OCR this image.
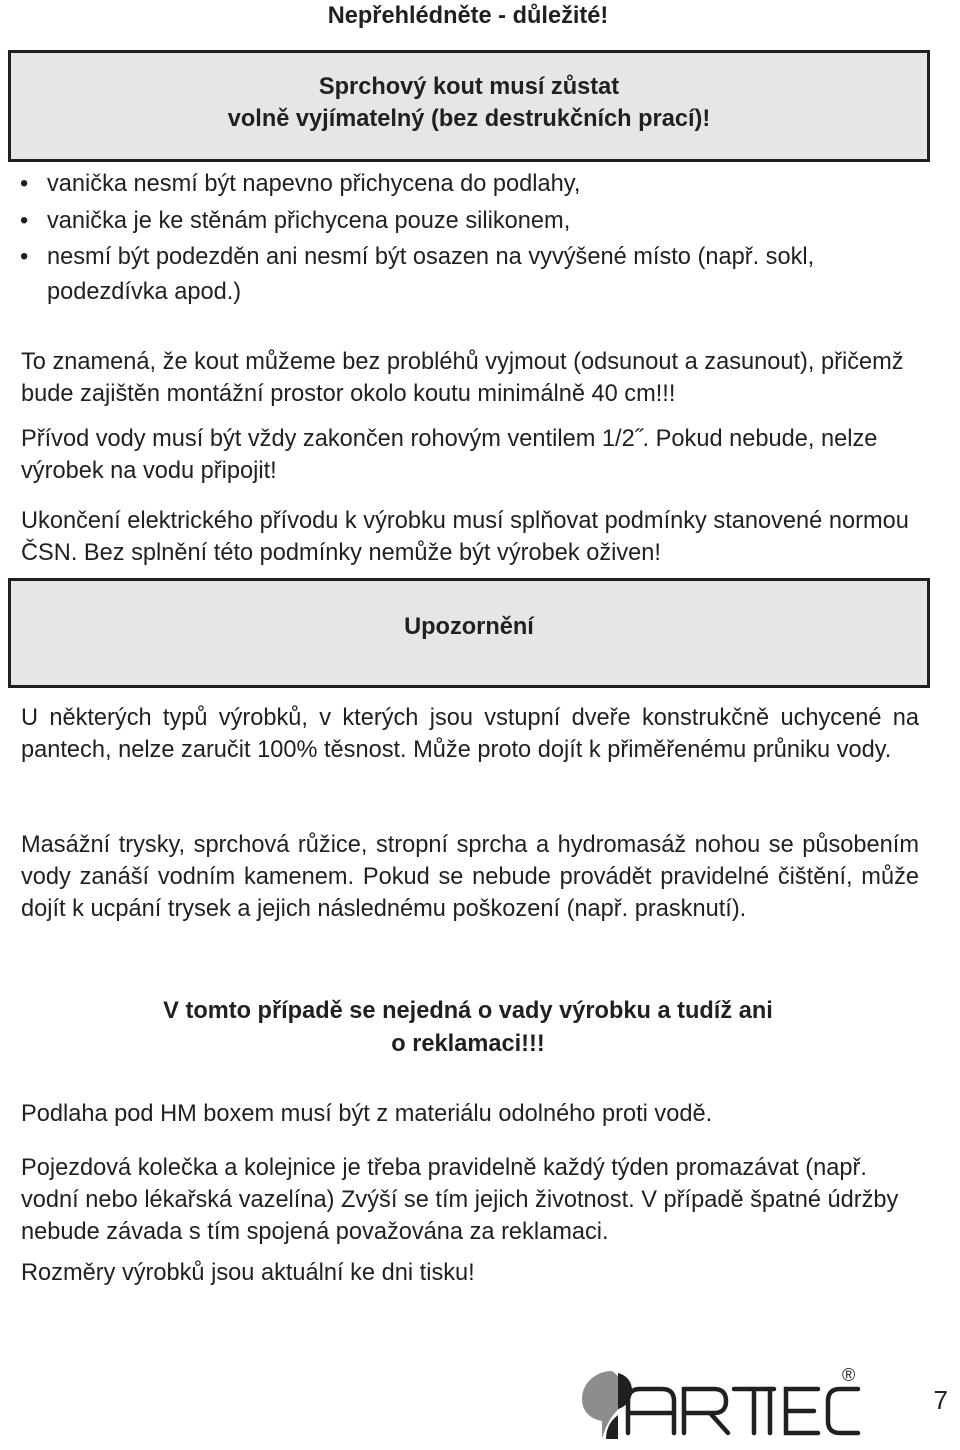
Nepřehlédněte - důležité!
Sprchový kout musí zůstat
volně vyjímatelný (bez destrukčních prací)!
• vanička nesmí být napevno přichycena do podlahy,
• vanička je ke stěnám přichycena pouze silikonem,
• nesmí být podezděn ani nesmí být osazen na vyvýšené místo (např. sokl, podezdívka apod.)

To znamená, že kout můžeme bez probléhů vyjmout (odsunout a zasunout), přičemž bude zajištěn montážní prostor okolo koutu minimálně 40 cm!!!

Přívod vody musí být vždy zakončen rohovým ventilem 1/2˝. Pokud nebude, nelze výrobek na vodu připojit!

Ukončení elektrického přívodu k výrobku musí splňovat podmínky stanovené normou ČSN. Bez splnění této podmínky nemůže být výrobek oživen!

Upozornění

U některých typů výrobků, v kterých jsou vstupní dveře konstrukčně uchycené na pantech, nelze zaručit 100% těsnost. Může proto dojít k přiměřenému průniku vody.

Masážní trysky, sprchová růžice, stropní sprcha a hydromasáž nohou se působením vody zanáší vodním kamenem. Pokud se nebude provádět pravidelné čištění, může dojít k ucpání trysek a jejich následnému poškození (např. prasknutí).

V tomto případě se nejedná o vady výrobku a tudíž ani
o reklamaci!!!

Podlaha pod HM boxem musí být z materiálu odolného proti vodě.

Pojezdová kolečka a kolejnice je třeba pravidelně každý týden promazávat (např. vodní nebo lékařská vazelína) Zvýší se tím jejich životnost. V případě špatné údržby nebude závada s tím spojená považována za reklamaci.

Rozměry výrobků jsou aktuální ke dni tisku!

®
7
